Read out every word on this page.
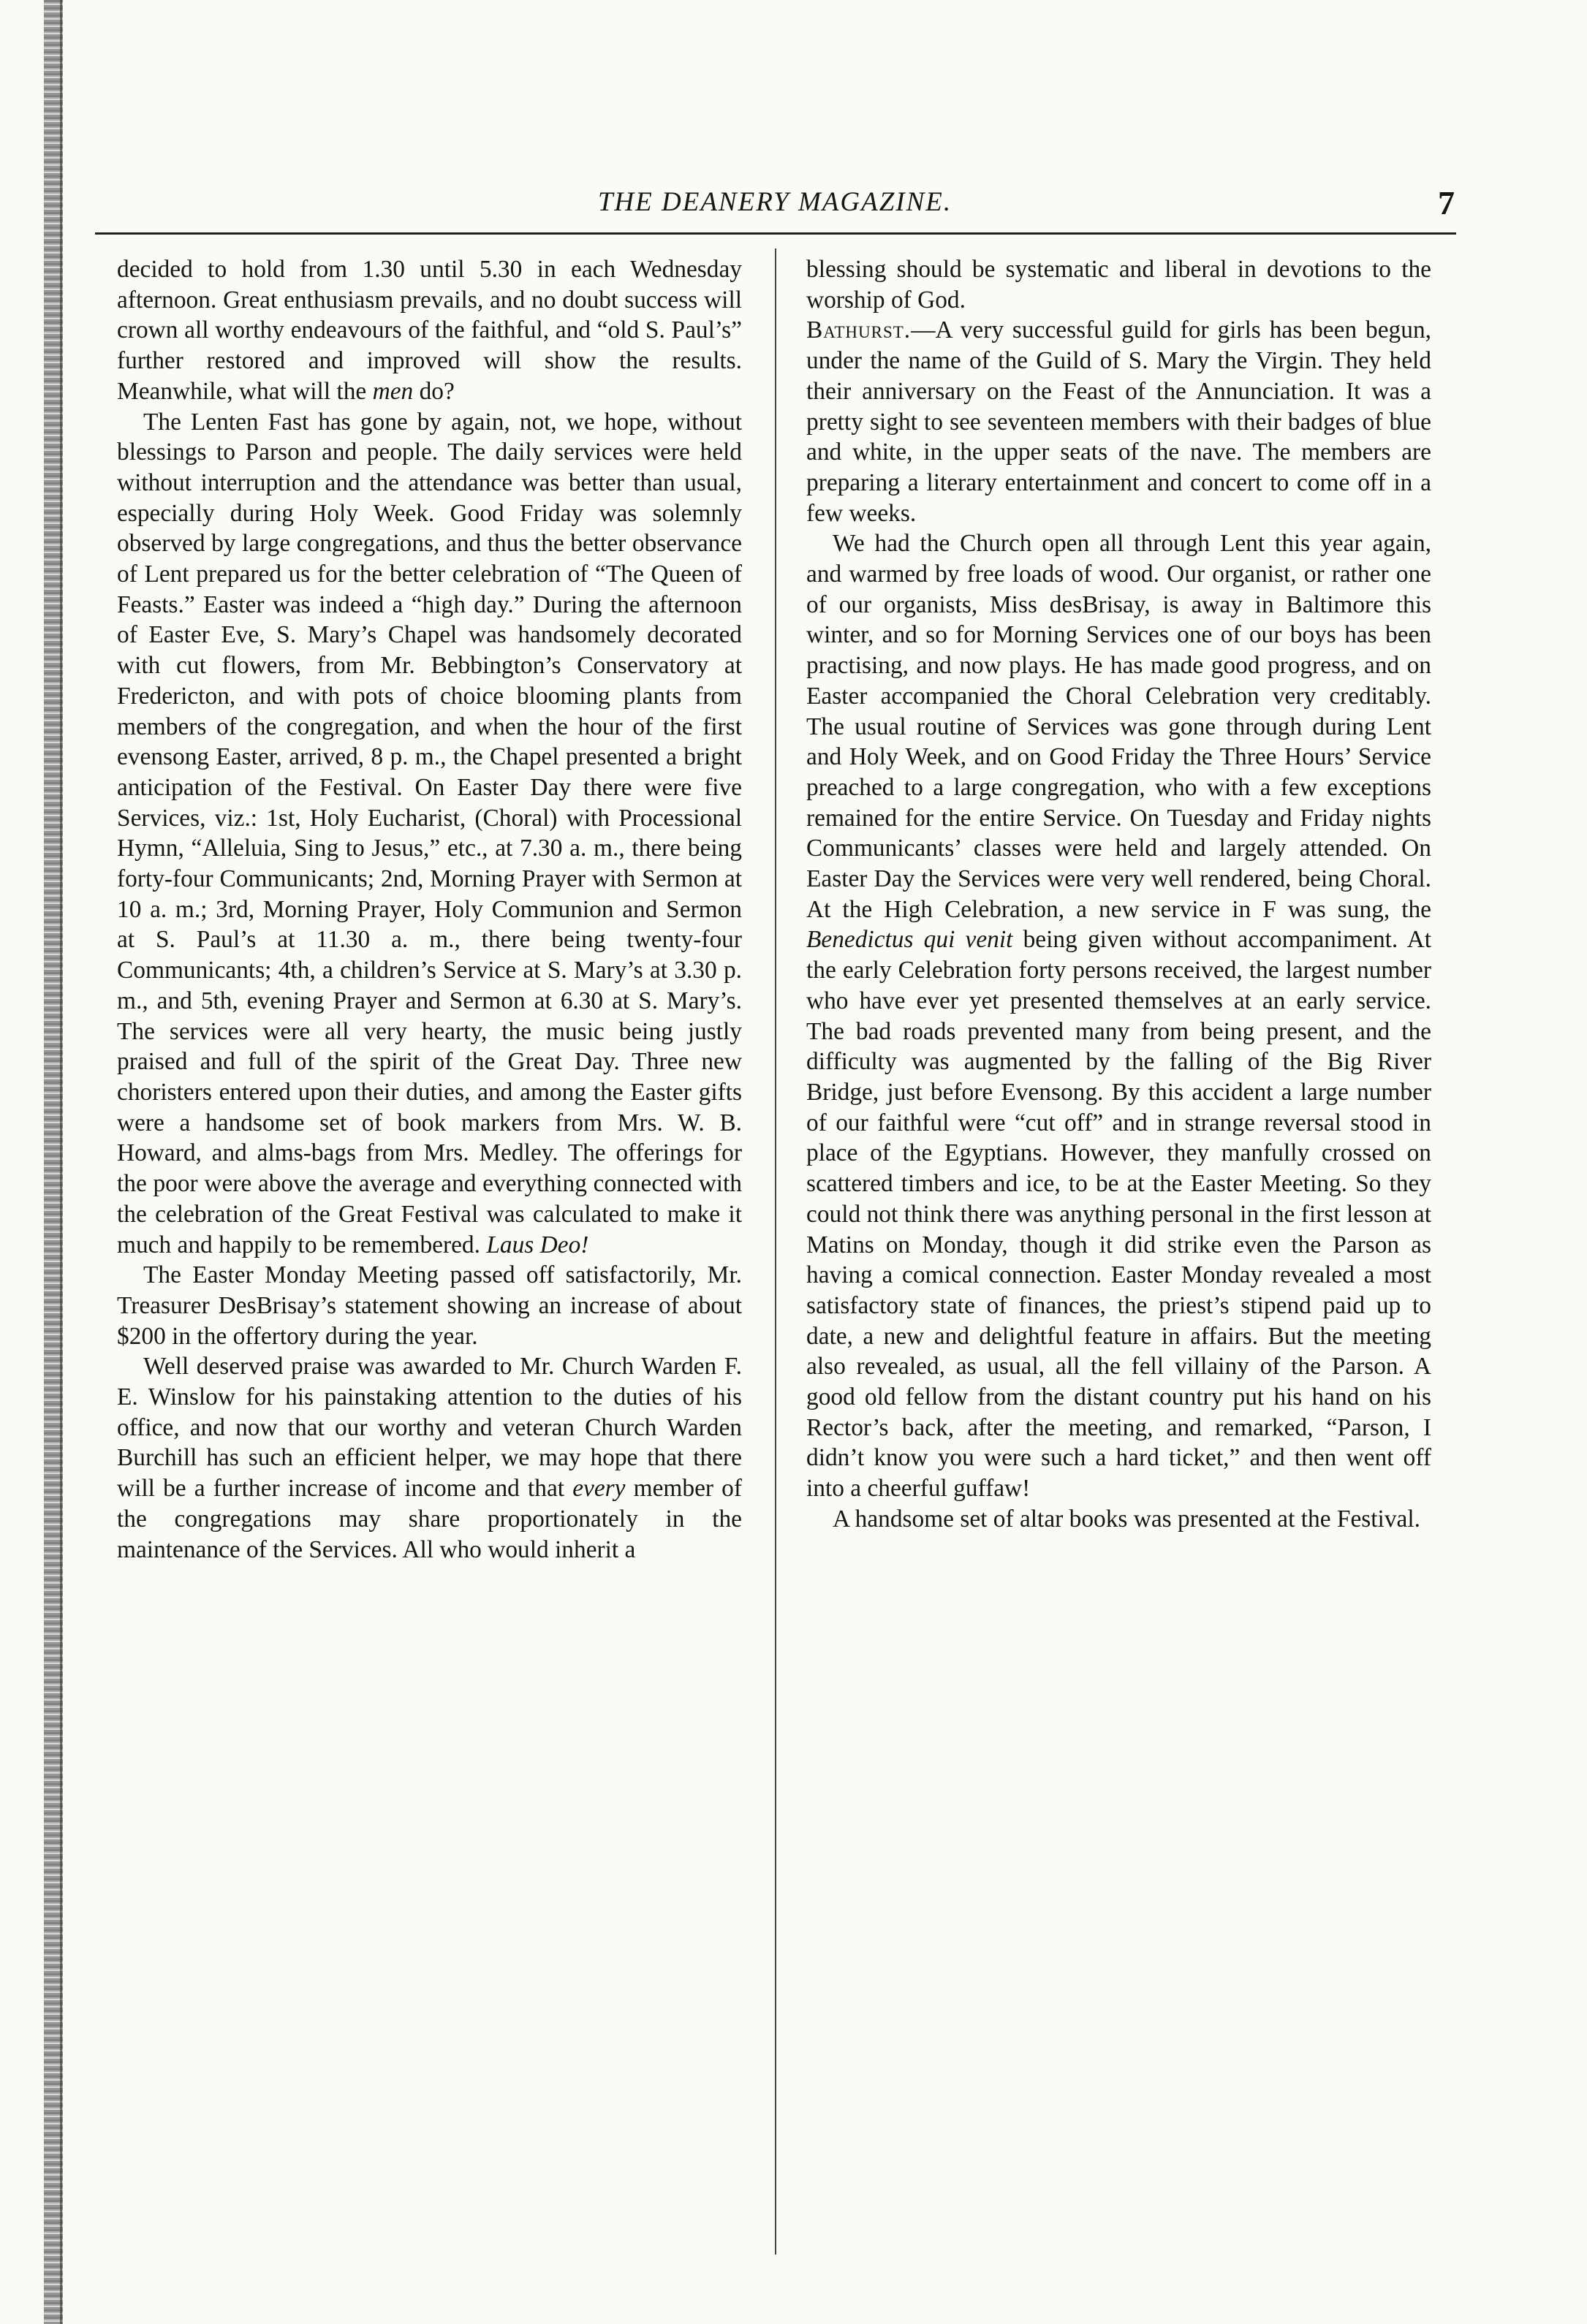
THE DEANERY MAGAZINE.	7

decided to hold from 1.30 until 5.30 in each Wednesday afternoon. Great enthusiasm prevails, and no doubt success will crown all worthy endeavours of the faithful, and “old S. Paul’s” further restored and improved will show the results. Meanwhile, what will the men do?

The Lenten Fast has gone by again, not, we hope, without blessings to Parson and people. The daily services were held without interruption and the attendance was better than usual, especially during Holy Week. Good Friday was solemnly observed by large congregations, and thus the better observance of Lent prepared us for the better celebration of “The Queen of Feasts.” Easter was indeed a “high day.” During the afternoon of Easter Eve, S. Mary’s Chapel was handsomely decorated with cut flowers, from Mr. Bebbington’s Conservatory at Fredericton, and with pots of choice blooming plants from members of the congregation, and when the hour of the first evensong Easter, arrived, 8 p. m., the Chapel presented a bright anticipation of the Festival. On Easter Day there were five Services, viz.: 1st, Holy Eucharist, (Choral) with Processional Hymn, “Alleluia, Sing to Jesus,” etc., at 7.30 a. m., there being forty-four Communicants; 2nd, Morning Prayer with Sermon at 10 a. m.; 3rd, Morning Prayer, Holy Communion and Sermon at S. Paul’s at 11.30 a. m., there being twenty-four Communicants; 4th, a children’s Service at S. Mary’s at 3.30 p. m., and 5th, evening Prayer and Sermon at 6.30 at S. Mary’s. The services were all very hearty, the music being justly praised and full of the spirit of the Great Day. Three new choristers entered upon their duties, and among the Easter gifts were a handsome set of book markers from Mrs. W. B. Howard, and alms-bags from Mrs. Medley. The offerings for the poor were above the average and everything connected with the celebration of the Great Festival was calculated to make it much and happily to be remembered. Laus Deo!

The Easter Monday Meeting passed off satisfactorily, Mr. Treasurer DesBrisay’s statement showing an increase of about $200 in the offertory during the year.

Well deserved praise was awarded to Mr. Church Warden F. E. Winslow for his painstaking attention to the duties of his office, and now that our worthy and veteran Church Warden Burchill has such an efficient helper, we may hope that there will be a further increase of income and that every member of the congregations may share proportionately in the maintenance of the Services. All who would inherit a

blessing should be systematic and liberal in devotions to the worship of God.

Bathurst.—A very successful guild for girls has been begun, under the name of the Guild of S. Mary the Virgin. They held their anniversary on the Feast of the Annunciation. It was a pretty sight to see seventeen members with their badges of blue and white, in the upper seats of the nave. The members are preparing a literary entertainment and concert to come off in a few weeks.

We had the Church open all through Lent this year again, and warmed by free loads of wood. Our organist, or rather one of our organists, Miss desBrisay, is away in Baltimore this winter, and so for Morning Services one of our boys has been practising, and now plays. He has made good progress, and on Easter accompanied the Choral Celebration very creditably. The usual routine of Services was gone through during Lent and Holy Week, and on Good Friday the Three Hours’ Service preached to a large congregation, who with a few exceptions remained for the entire Service. On Tuesday and Friday nights Communicants’ classes were held and largely attended. On Easter Day the Services were very well rendered, being Choral. At the High Celebration, a new service in F was sung, the Benedictus qui venit being given without accompaniment. At the early Celebration forty persons received, the largest number who have ever yet presented themselves at an early service. The bad roads prevented many from being present, and the difficulty was augmented by the falling of the Big River Bridge, just before Evensong. By this accident a large number of our faithful were “cut off” and in strange reversal stood in place of the Egyptians. However, they manfully crossed on scattered timbers and ice, to be at the Easter Meeting. So they could not think there was anything personal in the first lesson at Matins on Monday, though it did strike even the Parson as having a comical connection. Easter Monday revealed a most satisfactory state of finances, the priest’s stipend paid up to date, a new and delightful feature in affairs. But the meeting also revealed, as usual, all the fell villainy of the Parson. A good old fellow from the distant country put his hand on his Rector’s back, after the meeting, and remarked, “Parson, I didn’t know you were such a hard ticket,” and then went off into a cheerful guffaw!

A handsome set of altar books was presented at the Festival.
